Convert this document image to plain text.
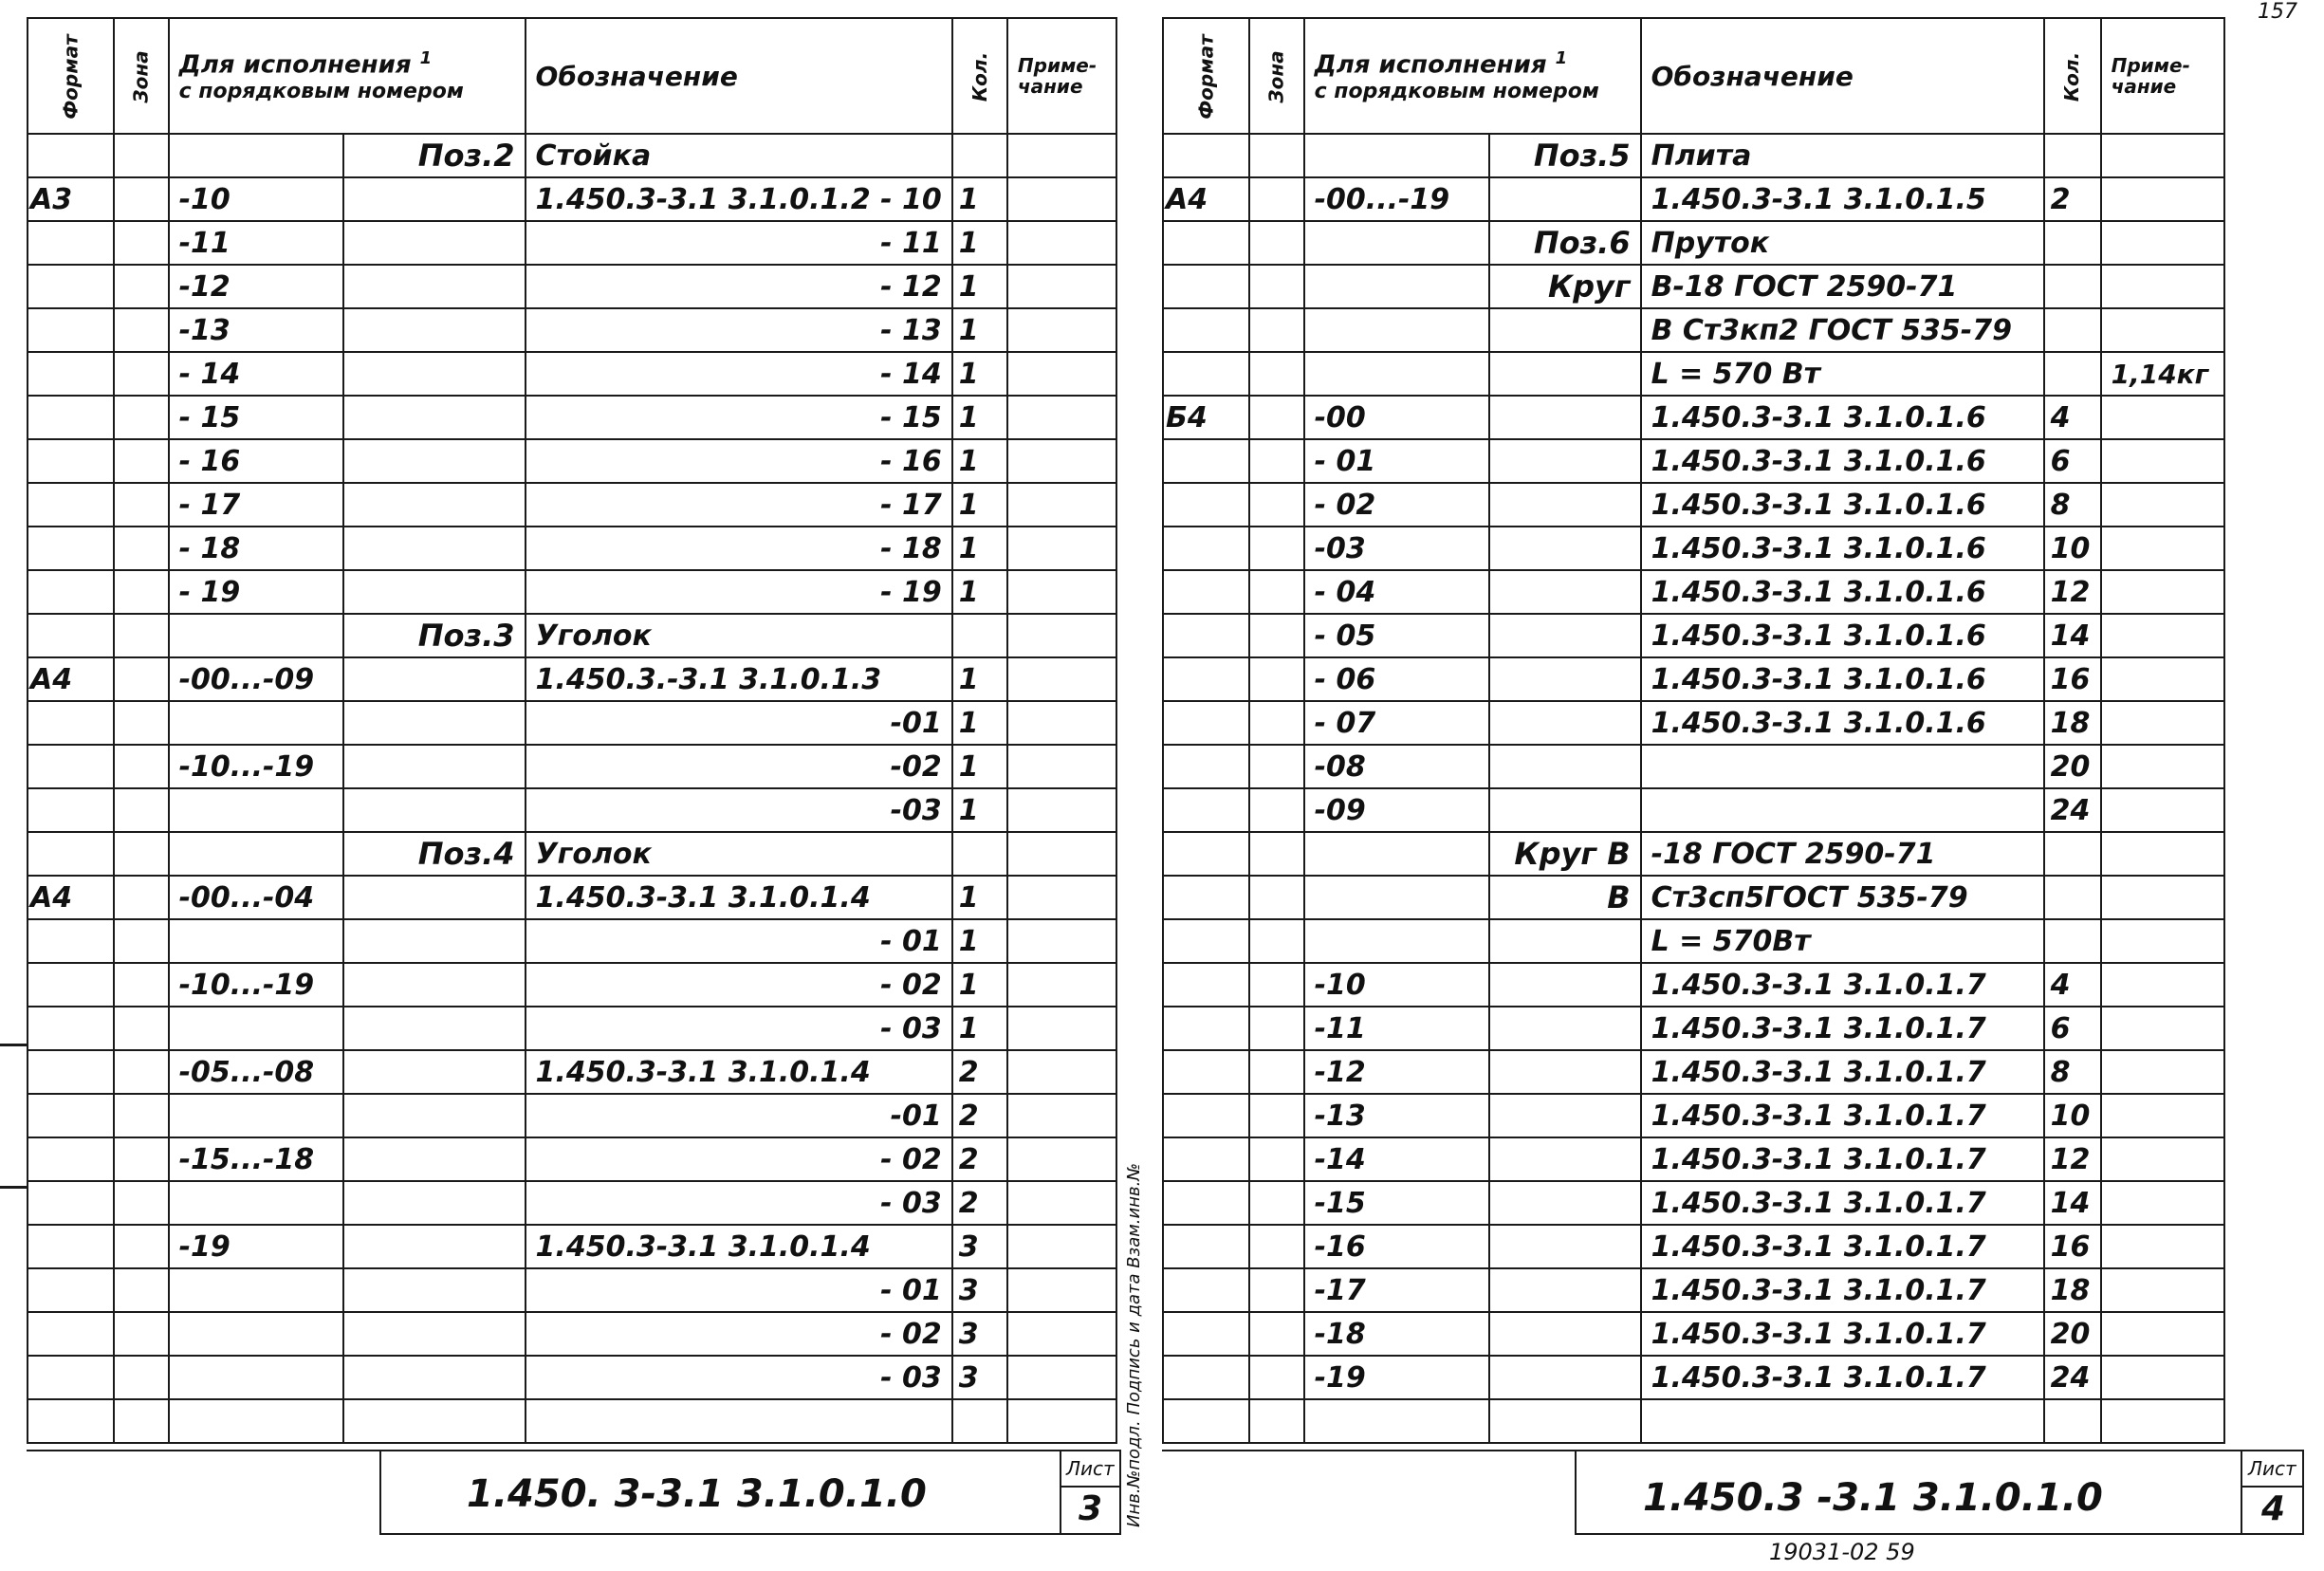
Формат	Зона	Для исполнения $^1$
с порядковым номером		Обозначение	Кол.	Приме-чание
			Поз.2	Стойка		
А3		-10		1.450.3-3.1 3.1.0.1.2 - 10	1	
		-11		- 11	1	
		-12		- 12	1	
		-13		- 13	1	
		- 14		- 14	1	
		- 15		- 15	1	
		- 16		- 16	1	
		- 17		- 17	1	
		- 18		- 18	1	
		- 19		- 19	1	
			Поз.3	Уголок		
А4		-00...-09		1.450.3.-3.1 3.1.0.1.3	1	
				-01	1	
		-10...-19		-02	1	
				-03	1	
			Поз.4	Уголок		
А4		-00...-04		1.450.3-3.1 3.1.0.1.4	1	
				- 01	1	
		-10...-19		- 02	1	
				- 03	1	
		-05...-08		1.450.3-3.1 3.1.0.1.4	2	
				-01	2	
		-15...-18		- 02	2	
				- 03	2	
		-19		1.450.3-3.1 3.1.0.1.4	3	
				- 01	3	
				- 02	3	
				- 03	3	

1.450. 3-3.1 3.1.0.1.0
Лист
3
157
Формат	Зона	Для исполнения $^1$
с порядковым номером		Обозначение	Кол.	Приме-чание
			Поз.5	Плита		
А4		-00...-19		1.450.3-3.1 3.1.0.1.5	2	
			Поз.6	Пруток		
			Круг	В-18 ГОСТ 2590-71		
				В Ст3кп2 ГОСТ 535-79		
				L = 570 Вт		1,14кг
Б4		-00		1.450.3-3.1 3.1.0.1.6	4	
		- 01		1.450.3-3.1 3.1.0.1.6	6	
		- 02		1.450.3-3.1 3.1.0.1.6	8	
		-03		1.450.3-3.1 3.1.0.1.6	10	
		- 04		1.450.3-3.1 3.1.0.1.6	12	
		- 05		1.450.3-3.1 3.1.0.1.6	14	
		- 06		1.450.3-3.1 3.1.0.1.6	16	
		- 07		1.450.3-3.1 3.1.0.1.6	18	
		-08			20	
		-09			24	
			Круг В	-18 ГОСТ 2590-71		
			В	Ст3сп5ГОСТ 535-79		
				L = 570Вт		
		-10		1.450.3-3.1 3.1.0.1.7	4	
		-11		1.450.3-3.1 3.1.0.1.7	6	
		-12		1.450.3-3.1 3.1.0.1.7	8	
		-13		1.450.3-3.1 3.1.0.1.7	10	
		-14		1.450.3-3.1 3.1.0.1.7	12	
		-15		1.450.3-3.1 3.1.0.1.7	14	
		-16		1.450.3-3.1 3.1.0.1.7	16	
		-17		1.450.3-3.1 3.1.0.1.7	18	
		-18		1.450.3-3.1 3.1.0.1.7	20	
		-19		1.450.3-3.1 3.1.0.1.7	24	

1.450.3 -3.1 3.1.0.1.0
Лист
4
Инв.№подл. Подпись и дата Взам.инв.№
19031-02 59
